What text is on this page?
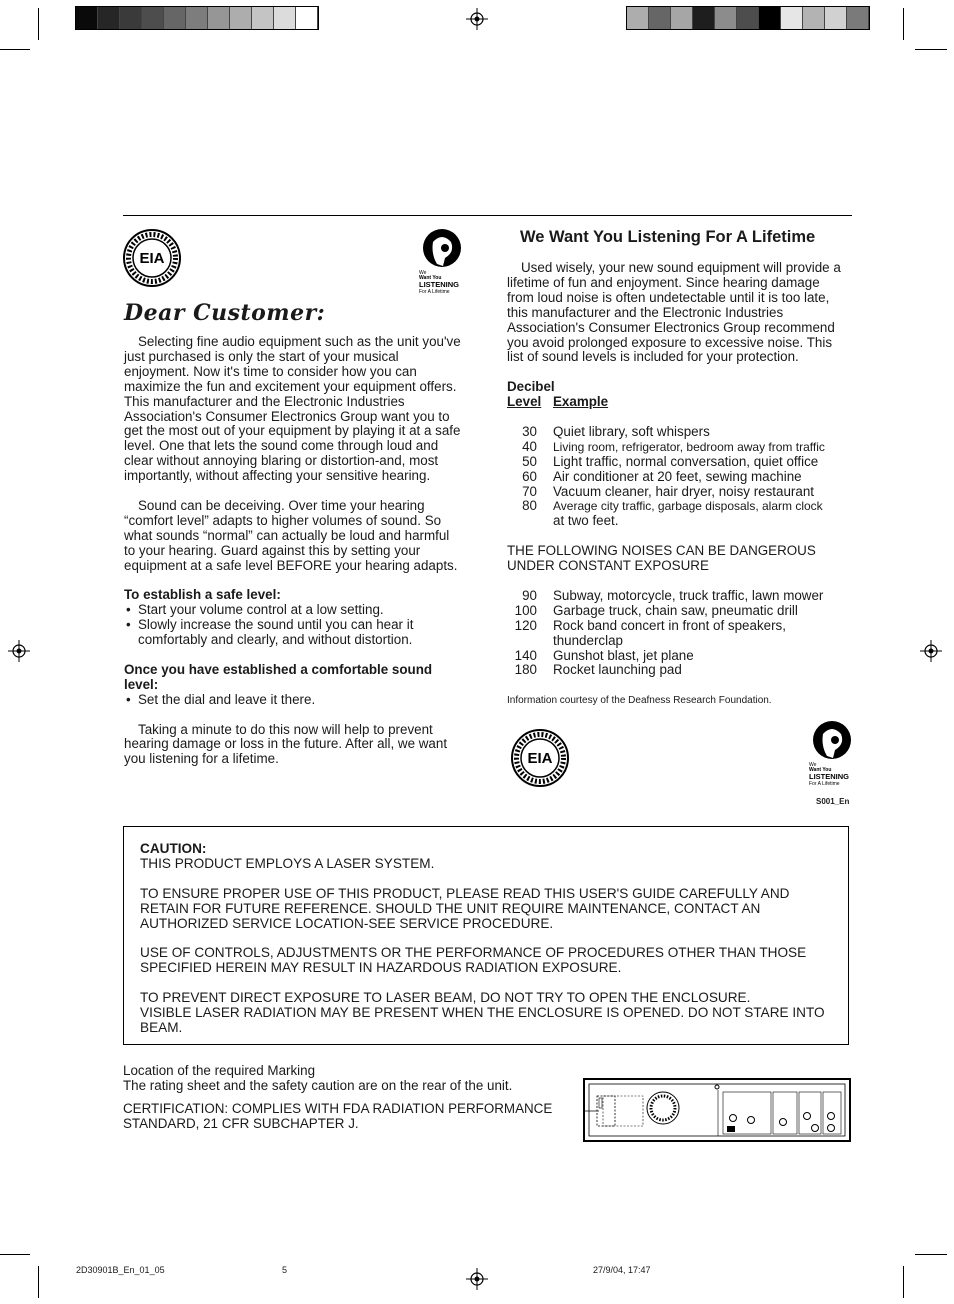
EIA
We
Want You
LISTENING
For A Lifetime
Dear Customer:

Selecting fine audio equipment such as the unit you've just purchased is only the start of your musical enjoyment. Now it's time to consider how you can maximize the fun and excitement your equipment offers. This manufacturer and the Electronic Industries Association's Consumer Electronics Group want you to get the most out of your equipment by playing it at a safe level. One that lets the sound come through loud and clear without annoying blaring or distortion-and, most importantly, without affecting your sensitive hearing.

Sound can be deceiving. Over time your hearing “comfort level” adapts to higher volumes of sound. So what sounds “normal” can actually be loud and harmful to your hearing. Guard against this by setting your equipment at a safe level BEFORE your hearing adapts.

To establish a safe level:
• Start your volume control at a low setting.
• Slowly increase the sound until you can hear it comfortably and clearly, and without distortion.
Once you have established a comfortable sound level:
• Set the dial and leave it there.

Taking a minute to do this now will help to prevent hearing damage or loss in the future. After all, we want you listening for a lifetime.

We Want You Listening For A Lifetime

Used wisely, your new sound equipment will provide a lifetime of fun and enjoyment. Since hearing damage from loud noise is often undetectable until it is too late, this manufacturer and the Electronic Industries Association's Consumer Electronics Group recommend you avoid prolonged exposure to excessive noise. This list of sound levels is included for your protection.

Decibel
Level Example
30 Quiet library, soft whispers
40 Living room, refrigerator, bedroom away from traffic
50 Light traffic, normal conversation, quiet office
60 Air conditioner at 20 feet, sewing machine
70 Vacuum cleaner, hair dryer, noisy restaurant
80 Average city traffic, garbage disposals, alarm clock
at two feet.

THE FOLLOWING NOISES CAN BE DANGEROUS UNDER CONSTANT EXPOSURE

90 Subway, motorcycle, truck traffic, lawn mower
100 Garbage truck, chain saw, pneumatic drill
120 Rock band concert in front of speakers,
thunderclap
140 Gunshot blast, jet plane
180 Rocket launching pad
Information courtesy of the Deafness Research Foundation.
EIA	We
Want You
LISTENING
For A Lifetime
S001_En
CAUTION:

THIS PRODUCT EMPLOYS A LASER SYSTEM.

TO ENSURE PROPER USE OF THIS PRODUCT, PLEASE READ THIS USER'S GUIDE CAREFULLY AND RETAIN FOR FUTURE REFERENCE. SHOULD THE UNIT REQUIRE MAINTENANCE, CONTACT AN AUTHORIZED SERVICE LOCATION-SEE SERVICE PROCEDURE.

USE OF CONTROLS, ADJUSTMENTS OR THE PERFORMANCE OF PROCEDURES OTHER THAN THOSE SPECIFIED HEREIN MAY RESULT IN HAZARDOUS RADIATION EXPOSURE.

TO PREVENT DIRECT EXPOSURE TO LASER BEAM, DO NOT TRY TO OPEN THE ENCLOSURE.
VISIBLE LASER RADIATION MAY BE PRESENT WHEN THE ENCLOSURE IS OPENED. DO NOT STARE INTO BEAM.
Location of the required Marking
The rating sheet and the safety caution are on the rear of the unit.
CERTIFICATION: COMPLIES WITH FDA RADIATION PERFORMANCE STANDARD, 21 CFR SUBCHAPTER J.
2D30901B_En_01_05	5	27/9/04, 17:47
